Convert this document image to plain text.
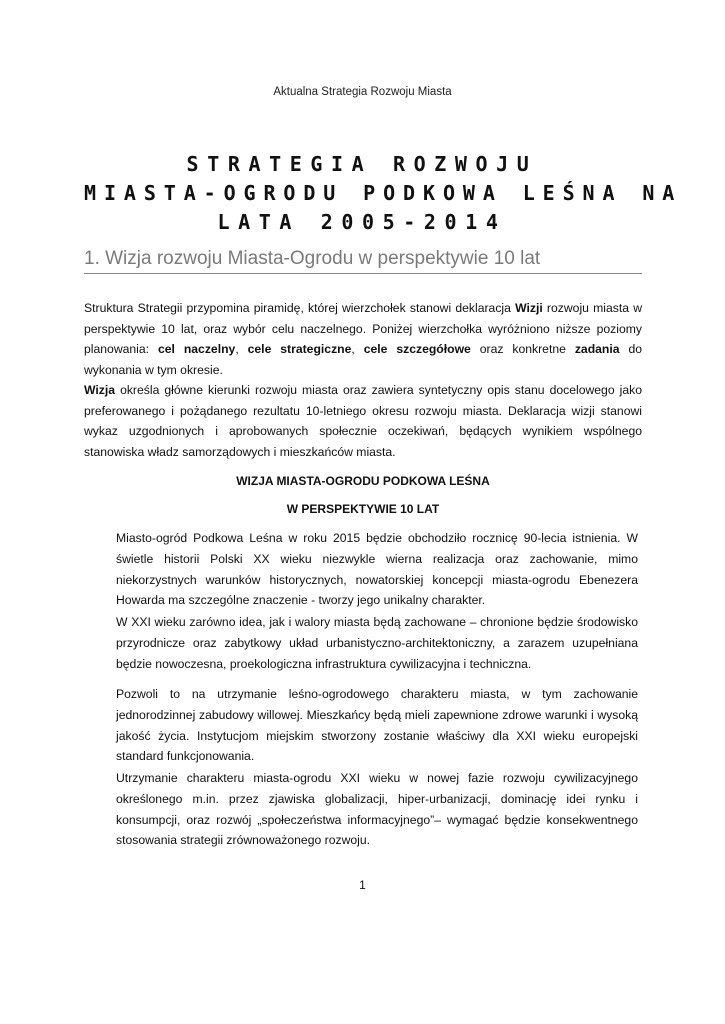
Aktualna Strategia Rozwoju Miasta
STRATEGIA ROZWOJU
MIASTA-OGRODU PODKOWA LEŚNA NA
LATA 2005-2014
1. Wizja rozwoju Miasta-Ogrodu w perspektywie 10 lat
Struktura Strategii przypomina piramidę, której wierzchołek stanowi deklaracja Wizji rozwoju miasta w perspektywie 10 lat, oraz wybór celu naczelnego. Poniżej wierzchołka wyróżniono niższe poziomy planowania: cel naczelny, cele strategiczne, cele szczegółowe oraz konkretne zadania do wykonania w tym okresie.
Wizja określa główne kierunki rozwoju miasta oraz zawiera syntetyczny opis stanu docelowego jako preferowanego i pożądanego rezultatu 10-letniego okresu rozwoju miasta. Deklaracja wizji stanowi wykaz uzgodnionych i aprobowanych społecznie oczekiwań, będących wynikiem wspólnego stanowiska władz samorządowych i mieszkańców miasta.
WIZJA MIASTA-OGRODU PODKOWA LEŚNA
W PERSPEKTYWIE 10 LAT
Miasto-ogród Podkowa Leśna w roku 2015 będzie obchodziło rocznicę 90-lecia istnienia. W świetle historii Polski XX wieku niezwykle wierna realizacja oraz zachowanie, mimo niekorzystnych warunków historycznych, nowatorskiej koncepcji miasta-ogrodu Ebenezera Howarda ma szczególne znaczenie - tworzy jego unikalny charakter.
W XXI wieku zarówno idea, jak i walory miasta będą zachowane – chronione będzie środowisko przyrodnicze oraz zabytkowy układ urbanistyczno-architektoniczny, a zarazem uzupełniana będzie nowoczesna, proekologiczna infrastruktura cywilizacyjna i techniczna.
Pozwoli to na utrzymanie leśno-ogrodowego charakteru miasta, w tym zachowanie jednorodzinnej zabudowy willowej. Mieszkańcy będą mieli zapewnione zdrowe warunki i wysoką jakość życia. Instytucjom miejskim stworzony zostanie właściwy dla XXI wieku europejski standard funkcjonowania.
Utrzymanie charakteru miasta-ogrodu XXI wieku w nowej fazie rozwoju cywilizacyjnego określonego m.in. przez zjawiska globalizacji, hiper-urbanizacji, dominację idei rynku i konsumpcji, oraz rozwój „społeczeństwa informacyjnego”– wymagać będzie konsekwentnego stosowania strategii zrównoważonego rozwoju.
1
